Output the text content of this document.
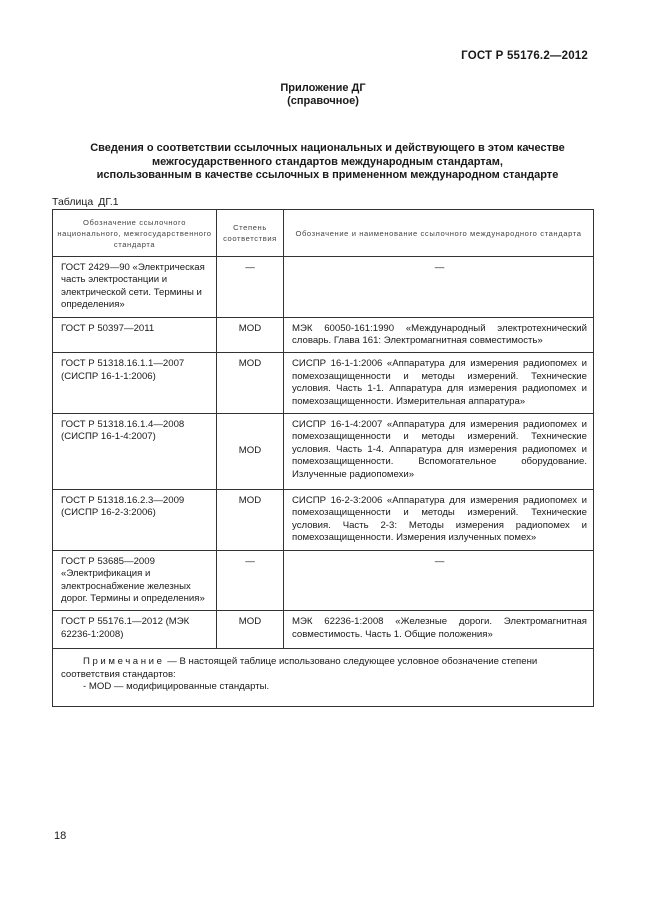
ГОСТ Р 55176.2—2012
Приложение ДГ
(справочное)
Сведения о соответствии ссылочных национальных и действующего в этом качестве
межгосударственного стандартов международным стандартам,
использованным в качестве ссылочных в примененном международном стандарте
Таблица ДГ.1
Обозначение ссылочного национального, межгосударственного стандарта	Степень соответствия	Обозначение и наименование ссылочного международного стандарта
ГОСТ 2429—90 «Электрическая часть электростанции и электрической сети. Термины и определения»	—	—
ГОСТ Р 50397—2011	MOD	МЭК 60050-161:1990 «Международный электротехнический словарь. Глава 161: Электромагнитная совместимость»
ГОСТ Р 51318.16.1.1—2007 (СИСПР 16-1-1:2006)	MOD	СИСПР 16-1-1:2006 «Аппаратура для измерения радиопомех и помехозащищенности и методы измерений. Технические условия. Часть 1-1. Аппаратура для измерения радиопомех и помехозащищенности. Измерительная аппаратура»
ГОСТ Р 51318.16.1.4—2008 (СИСПР 16-1-4:2007)	MOD	СИСПР 16-1-4:2007 «Аппаратура для измерения радиопомех и помехозащищенности и методы измерений. Технические условия. Часть 1-4. Аппаратура для измерения радиопомех и помехозащищенности. Вспомогательное оборудование. Излученные радиопомехи»
ГОСТ Р 51318.16.2.3—2009 (СИСПР 16-2-3:2006)	MOD	СИСПР 16-2-3:2006 «Аппаратура для измерения радиопомех и помехозащищенности и методы измерений. Технические условия. Часть 2-3: Методы измерения радиопомех и помехозащищенности. Измерения излученных помех»
ГОСТ Р 53685—2009 «Электрификация и электроснабжение железных дорог. Термины и определения»	—	—
ГОСТ Р 55176.1—2012 (МЭК 62236-1:2008)	MOD	МЭК 62236-1:2008 «Железные дороги. Электромагнитная совместимость. Часть 1. Общие положения»

Примечание — В настоящей таблице использовано следующее условное обозначение степени соответствия стандартов:
- MOD — модифицированные стандарты.		
18
